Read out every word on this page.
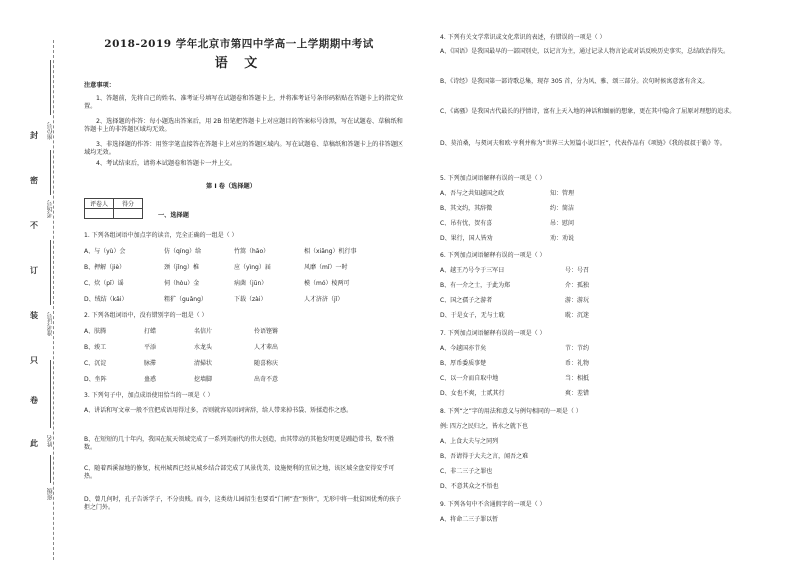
封
密
不
订
装
只
卷
此
座位号
考场号
准考证号
姓名
班级
2018-2019 学年北京市第四中学高一上学期期中考试
语 文
注意事项：
1、答题前，先将自己的姓名、准考证号填写在试题卷和答题卡上，并将准考证号条形码粘贴在答题卡上的指定位置。
2、选择题的作答：每小题选出答案后，用 2B 铅笔把答题卡上对应题目的答案标号涂黑，写在试题卷、草稿纸和答题卡上的非答题区域均无效。
3、非选择题的作答：用签字笔直接答在答题卡上对应的答题区域内。写在试题卷、草稿纸和答题卡上的非答题区域均无效。
4、考试结束后，请将本试题卷和答题卡一并上交。
第 I 卷（选择题）
评卷人	得分

一、选择题
1. 下列各组词语中加点字的读音，完全正确的一组是（ ）
A、与（yù）会	仿（qíng）给	竹篙（hāo）	相（xiāng）机行事
B、押解（jiè）	颈（jǐng）椎	应（yìng）届	风靡（mǐ）一时
C、炊（pī）谣	伺（hòu）金	病菌（jūn）	模（mó）棱两可
D、绒结（kǎi）	粗犷（guǎng）	下载（zài）	人才济济（jǐ）
2. 下列各组词语中，没有错别字的一组是（ ）
A、肤腾	打蜡	名信片	伶语铿锵
B、竣工	平添	水龙头	人才辈出
C、沉淀	脉滞	清掃状	随喜称庆
D、坐阵	蛊惑	挖墙脚	出奇不意
3. 下列句子中，加点成语使用恰当的一项是（ ）
A、讲话和写文章一般不宜把成语用得过多，否则就容易因词害辞，给人带来掉书袋、矫揉造作之感。
B、在短短的几十年内，我国在航天领域完成了一系列美丽代的伟大创造，由其带动的其他发明更是踵趋常书，数不胜数。
C、随着西溪湿地的修复，杭州城西已经从城乡结合部完成了风景优美、设施便利的宜居之地，该区域全盘安得安乎可热。
D、曾几何时，孔子告诉学子，不分贵贱。而今，这类幼儿园招生也要看“门闸”查“预售”，无形中将一批贫困优秀的孩子拒之门外。
4. 下列有关文学常识或文化常识的表述，有错误的一项是（ ）
A、《国语》是我国最早的一部国别史，以记言为主，通过记录人物言论或对话反映历史事实，总结政治得失。
B、《诗经》是我国第一部诗歌总集，现存 305 首，分为风、雅、颂三部分。次句时候寓意富有含义。
C、《离骚》是我国古代最长的抒情诗，富有上天入地的神话和缅丽的想象，更在其中隐含了屈原对理想的追求。
D、莫泊桑，与契诃夫和欧·亨利并称为“世界三大短篇小说巨匠”，代表作品有《项链》《我的叔叔于勒》等。
5. 下列加点词语解释有误的一项是（ ）
A、吾与之共知越国之政	知：管理
B、其文约，其辞微	约：简洁
C、吊有忧，贺有喜	吊：慰问
D、果行，国人皆劝	劝：劝说
6. 下列加点词语解释有误的一项是（ ）
A、越王乃号令于三军曰	号：号召
B、有一介之士，于此为郑	介：孤独
C、国之孺子之游者	游：游玩
D、于是女子，无与士耽	耽：沉迷
7. 下列加点词语解释有误的一项是（ ）
A、今越国亦节矣	节：节约
B、厚币委质事楚	币：礼物
C、以一介而自取中地	当：相抵
D、女也不爽，士贰其行	爽：差错
8. 下列“之”字的用法和意义与例句相同的一项是（ ）
例: 四方之民归之，皆水之就下也
A、上食大夫与之同列
B、吾请得于大夫之言，闻吾之难
C、非二三子之罪也
D、不意其众之不悟也
9. 下列各句中不含通假字的一项是（ ）
A、将命二三子罪以暂
